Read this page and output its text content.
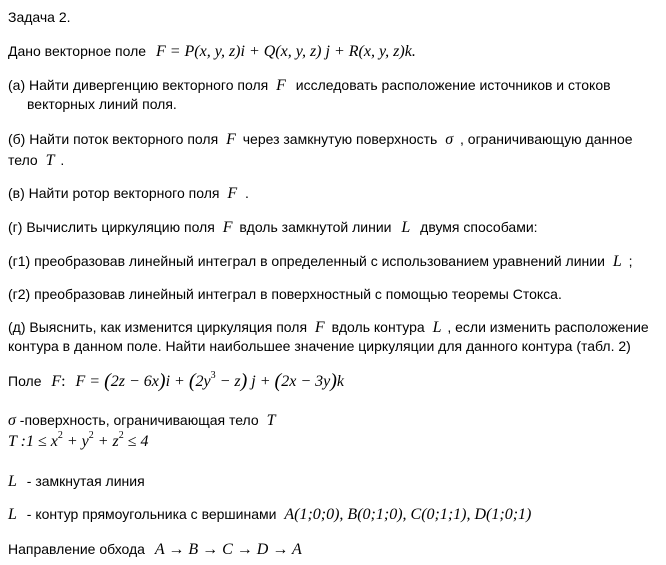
Задача 2.
Дано векторное поле F = P(x, y, z)i + Q(x, y, z) j + R(x, y, z)k.
(а) Найти дивергенцию векторного поля F исследовать расположение источников и стоков
векторных линий поля.
(б) Найти поток векторного поля F через замкнутую поверхность σ , ограничивающую данное
тело T .
(в) Найти ротор векторного поля F .
(г) Вычислить циркуляцию поля F вдоль замкнутой линии L двумя способами:
(г1) преобразовав линейный интеграл в определенный с использованием уравнений линии L ;
(г2) преобразовав линейный интеграл в поверхностный с помощью теоремы Стокса.
(д) Выяснить, как изменится циркуляция поля F вдоль контура L , если изменить расположение
контура в данном поле. Найти наибольшее значение циркуляции для данного контура (табл. 2)
Поле F: $F = (2z - 6x)i + (2y^3 - z) j + (2x - 3y)k$
σ -поверхность, ограничивающая тело T
T :1 ≤ $x^2 + y^2 + z^2 \le 4$
L - замкнутая линия
L - контур прямоугольника с вершинами A(1;0;0), B(0;1;0), C(0;1;1), D(1;0;1)
Направление обхода A → B → C → D → A
